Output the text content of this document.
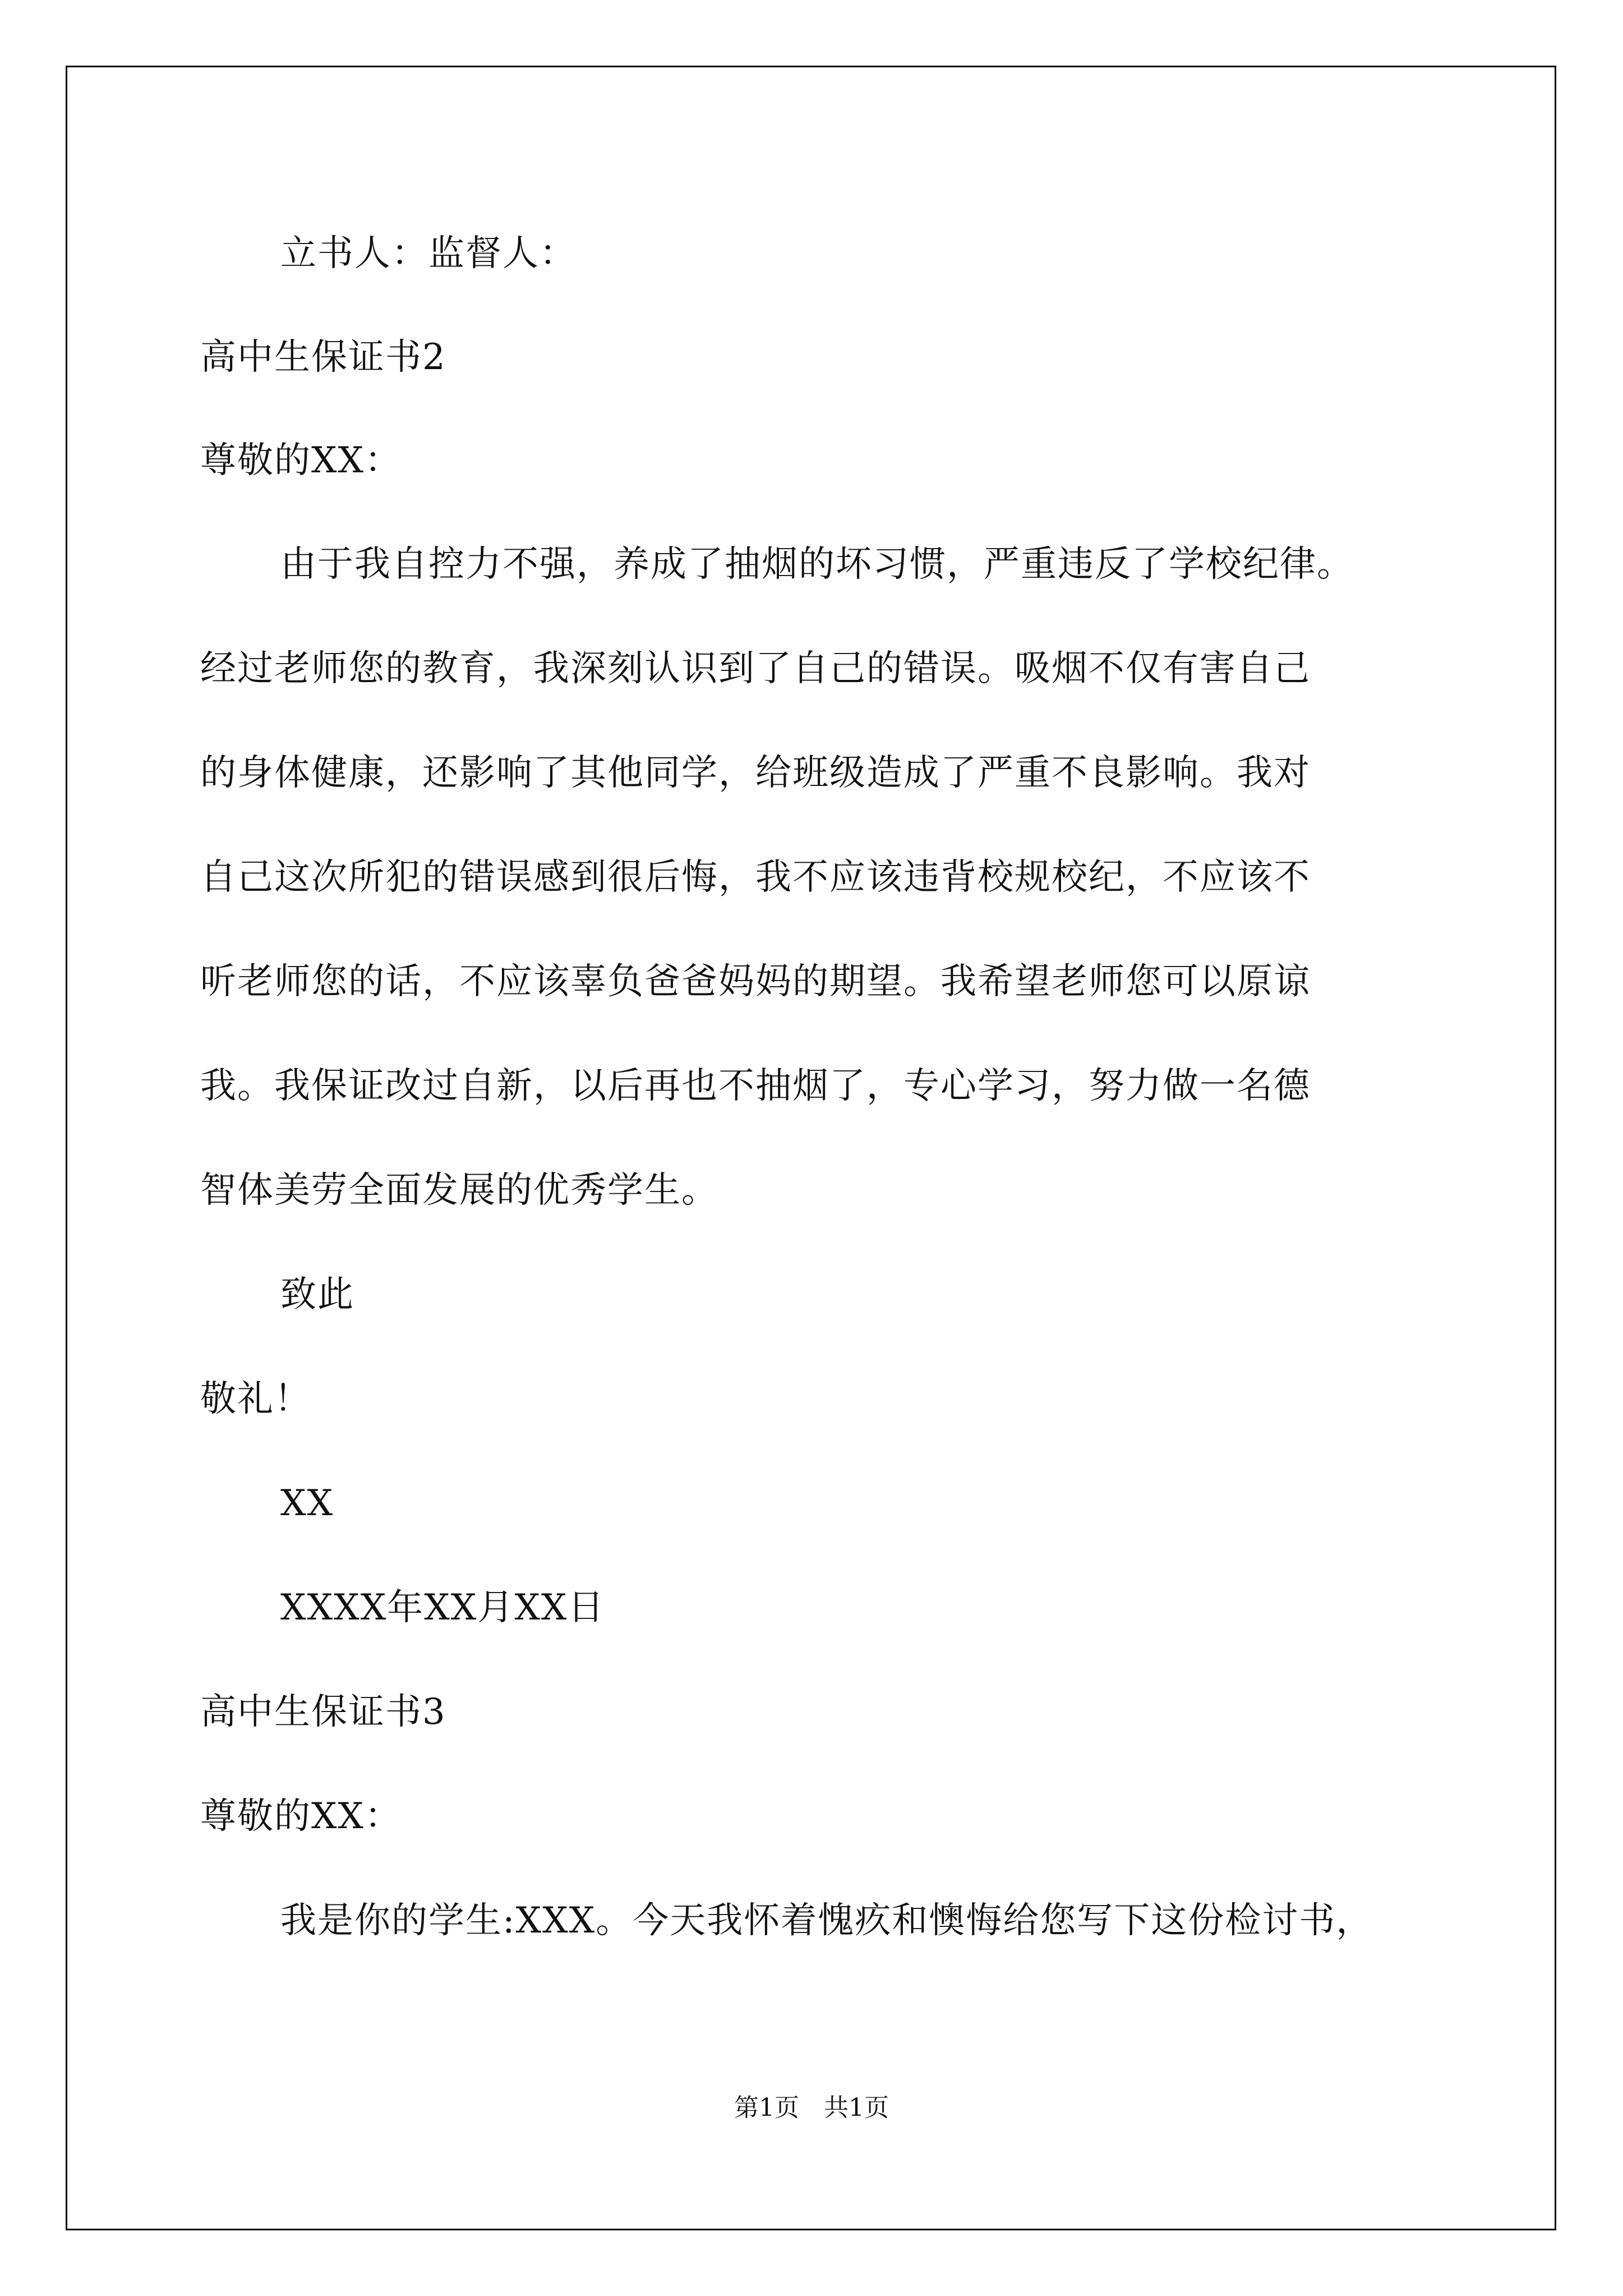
立书人：监督人：
高中生保证书2
尊敬的XX：
由于我自控力不强，养成了抽烟的坏习惯，严重违反了学校纪律。
经过老师您的教育，我深刻认识到了自己的错误。吸烟不仅有害自己
的身体健康，还影响了其他同学，给班级造成了严重不良影响。我对
自己这次所犯的错误感到很后悔，我不应该违背校规校纪，不应该不
听老师您的话，不应该辜负爸爸妈妈的期望。我希望老师您可以原谅
我。我保证改过自新，以后再也不抽烟了，专心学习，努力做一名德
智体美劳全面发展的优秀学生。
致此
敬礼！
XX
XXXX年XX月XX日
高中生保证书3
尊敬的XX：
我是你的学生:XXX。今天我怀着愧疚和懊悔给您写下这份检讨书，
第1页　共1页
